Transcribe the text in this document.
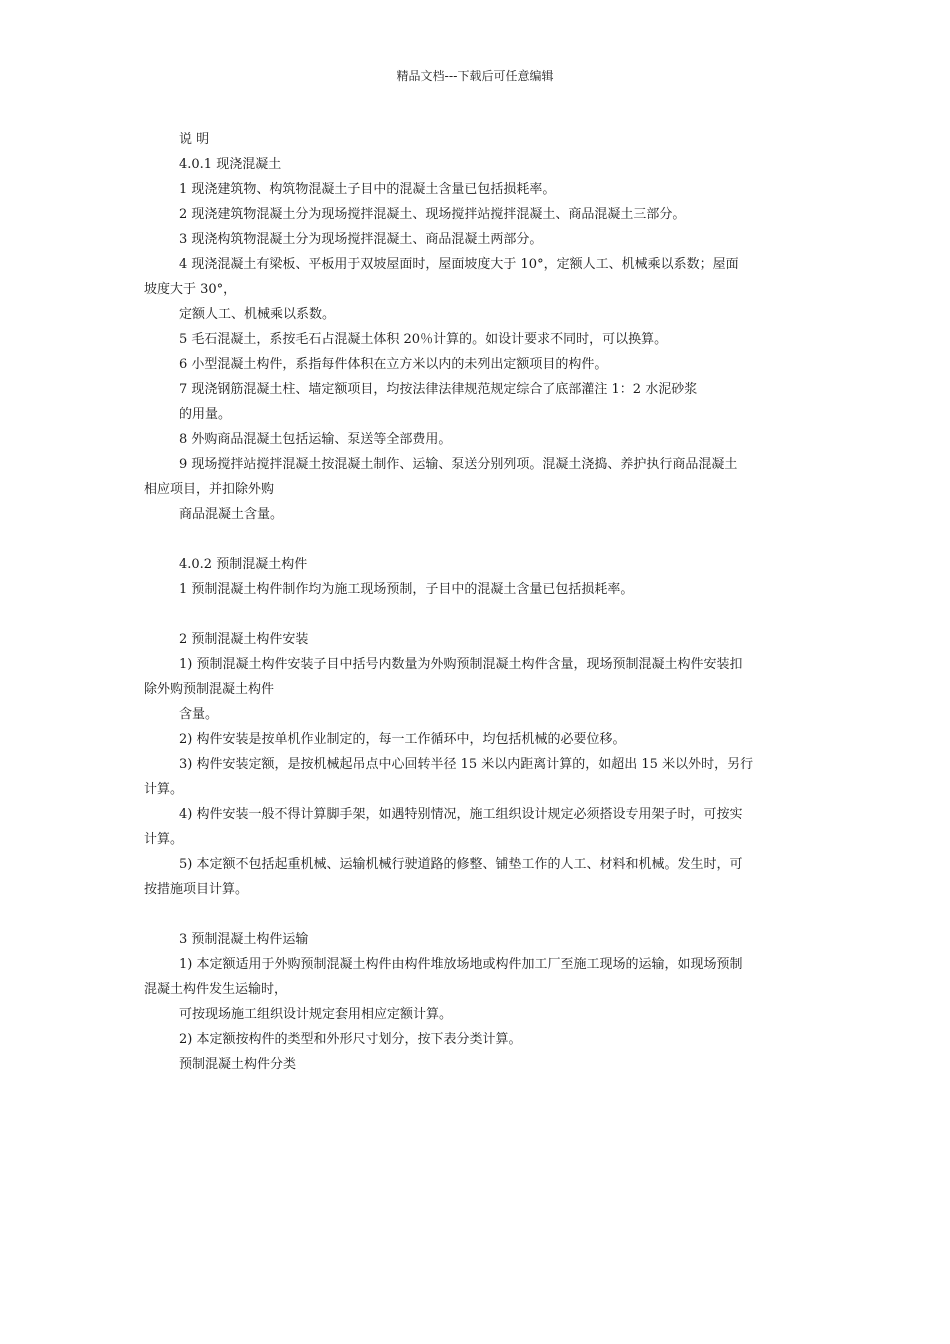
精品文档---下载后可任意编辑
说 明
4.0.1 现浇混凝土
1 现浇建筑物、构筑物混凝土子目中的混凝土含量已包括损耗率。
2 现浇建筑物混凝土分为现场搅拌混凝土、现场搅拌站搅拌混凝土、商品混凝土三部分。
3 现浇构筑物混凝土分为现场搅拌混凝土、商品混凝土两部分。
4 现浇混凝土有梁板、平板用于双坡屋面时，屋面坡度大于 10°，定额人工、机械乘以系数；屋面
坡度大于 30°，
定额人工、机械乘以系数。
5 毛石混凝土，系按毛石占混凝土体积 20％计算的。如设计要求不同时，可以换算。
6 小型混凝土构件，系指每件体积在立方米以内的未列出定额项目的构件。
7 现浇钢筋混凝土柱、墙定额项目，均按法律法律规范规定综合了底部灌注 1：2 水泥砂浆
的用量。
8 外购商品混凝土包括运输、泵送等全部费用。
9 现场搅拌站搅拌混凝土按混凝土制作、运输、泵送分别列项。混凝土浇捣、养护执行商品混凝土
相应项目，并扣除外购
商品混凝土含量。
4.0.2 预制混凝土构件
1 预制混凝土构件制作均为施工现场预制，子目中的混凝土含量已包括损耗率。
2 预制混凝土构件安装
1) 预制混凝土构件安装子目中括号内数量为外购预制混凝土构件含量，现场预制混凝土构件安装扣
除外购预制混凝土构件
含量。
2) 构件安装是按单机作业制定的，每一工作循环中，均包括机械的必要位移。
3) 构件安装定额，是按机械起吊点中心回转半径 15 米以内距离计算的，如超出 15 米以外时，另行
计算。
4) 构件安装一般不得计算脚手架，如遇特别情况，施工组织设计规定必须搭设专用架子时，可按实
计算。
5) 本定额不包括起重机械、运输机械行驶道路的修整、铺垫工作的人工、材料和机械。发生时，可
按措施项目计算。
3 预制混凝土构件运输
1) 本定额适用于外购预制混凝土构件由构件堆放场地或构件加工厂至施工现场的运输，如现场预制
混凝土构件发生运输时，
可按现场施工组织设计规定套用相应定额计算。
2) 本定额按构件的类型和外形尺寸划分，按下表分类计算。
预制混凝土构件分类
